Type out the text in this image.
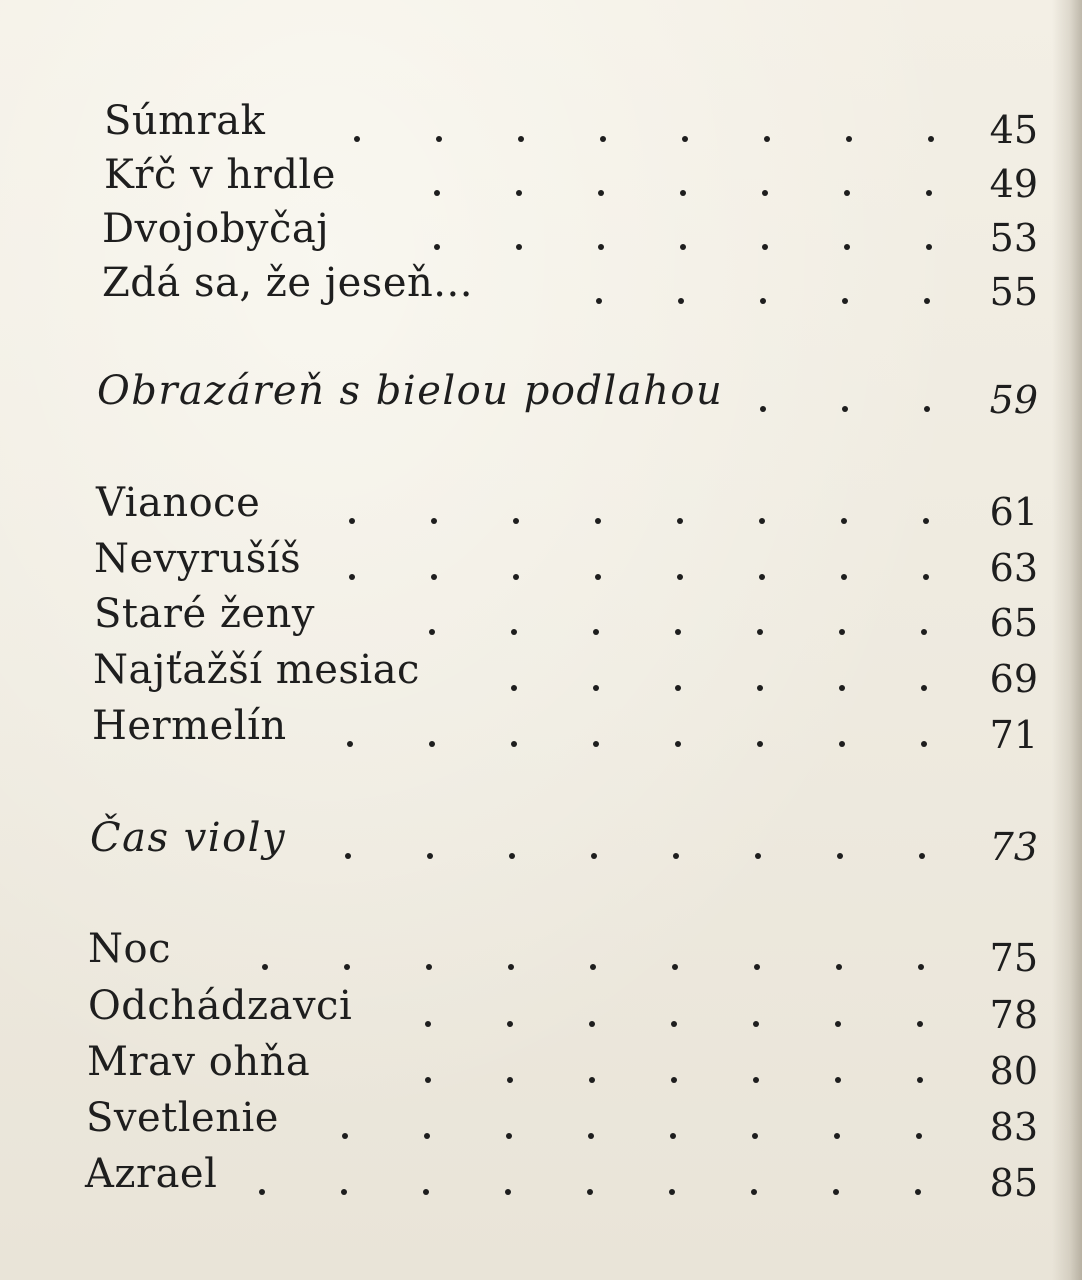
Súmrak	45
Kŕč v hrdle	49
Dvojobyčaj	53
Zdá sa, že jeseň...	55
Obrazáreň s bielou podlahou	59
Vianoce	61
Nevyrušíš	63
Staré ženy	65
Najťažší mesiac	69
Hermelín	71
Čas violy	73
Noc	75
Odchádzavci	78
Mrav ohňa	80
Svetlenie	83
Azrael	85
